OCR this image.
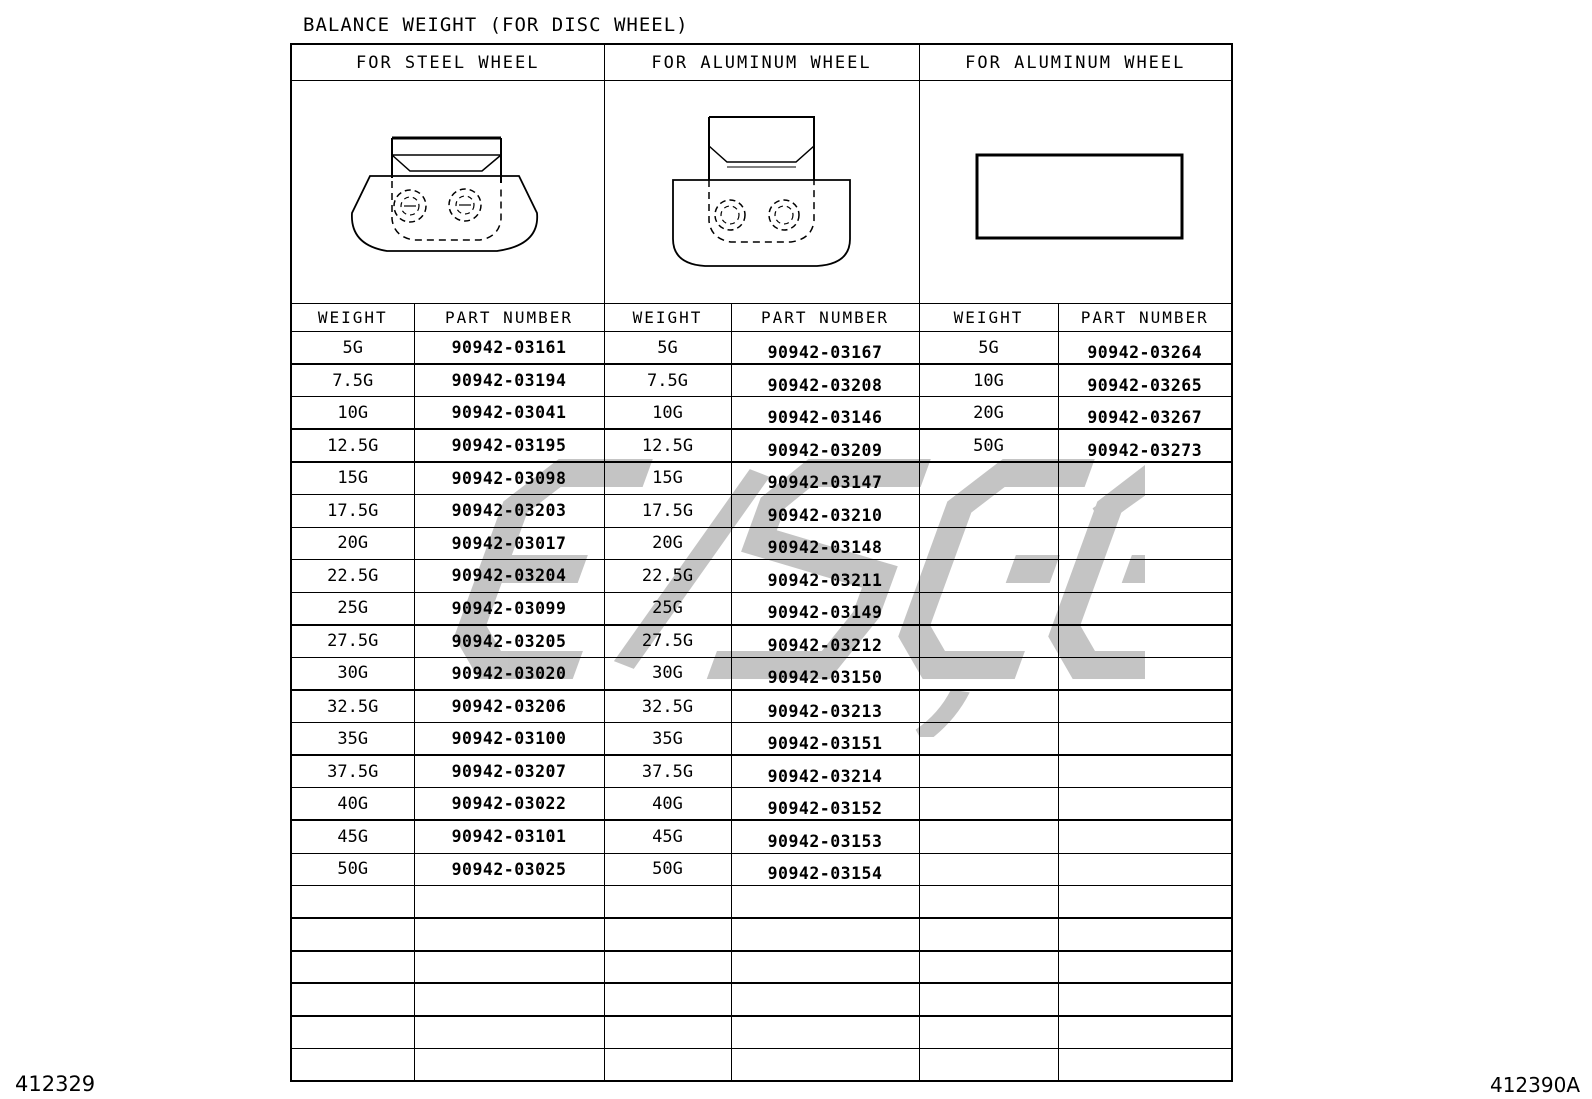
BALANCE WEIGHT (FOR DISC WHEEL)
FOR STEEL WHEEL		FOR ALUMINUM WHEEL		FOR ALUMINUM WHEEL	

WEIGHT	PART NUMBER	WEIGHT	PART NUMBER	WEIGHT	PART NUMBER
5G	90942-03161	5G	90942-03167	5G	90942-03264
7.5G	90942-03194	7.5G	90942-03208	10G	90942-03265
10G	90942-03041	10G	90942-03146	20G	90942-03267
12.5G	90942-03195	12.5G	90942-03209	50G	90942-03273
15G	90942-03098	15G	90942-03147		
17.5G	90942-03203	17.5G	90942-03210		
20G	90942-03017	20G	90942-03148		
22.5G	90942-03204	22.5G	90942-03211		
25G	90942-03099	25G	90942-03149		
27.5G	90942-03205	27.5G	90942-03212		
30G	90942-03020	30G	90942-03150		
32.5G	90942-03206	32.5G	90942-03213		
35G	90942-03100	35G	90942-03151		
37.5G	90942-03207	37.5G	90942-03214		
40G	90942-03022	40G	90942-03152		
45G	90942-03101	45G	90942-03153		
50G	90942-03025	50G	90942-03154		

412329	412390A
